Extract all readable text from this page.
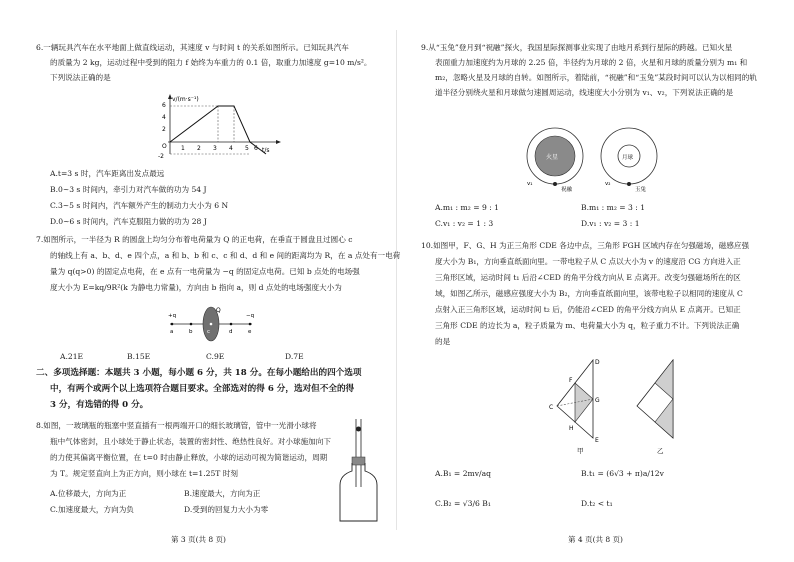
6.一辆玩具汽车在水平地面上做直线运动，其速度 v 与时间 t 的关系如图所示。已知玩具汽车
的质量为 2 kg，运动过程中受到的阻力 f 始终为车重力的 0.1 倍，取重力加速度 g=10 m/s²。
下列说法正确的是
v/(m·s⁻¹)
t/s
6
4
2
O
-2
1 2 3 4 5 6
A.t=3 s 时，汽车距离出发点最远
B.0~3 s 时间内，牵引力对汽车做的功为 54 J
C.3~5 s 时间内，汽车额外产生的制动力大小为 6 N
D.0~6 s 时间内，汽车克服阻力做的功为 28 J
7.如图所示，一半径为 R 的圆盘上均匀分布着电荷量为 Q 的正电荷，在垂直于圆盘且过圆心 c
的轴线上有 a、b、d、e 四个点，a 和 b、b 和 c、c 和 d、d 和 e 间的距离均为 R，在 a 点处有一电荷
量为 q(q>0) 的固定点电荷，在 e 点有一电荷量为 −q 的固定点电荷。已知 b 点处的电场强
度大小为 E=kq/9R²(k 为静电力常量)，方向由 b 指向 a，则 d 点处的电场强度大小为
Q
+q	−q
a	b	c	d	e
A.21E	B.15E	C.9E	D.7E
二、多项选择题：本题共 3 小题，每小题 6 分，共 18 分。在每小题给出的四个选项
中，有两个或两个以上选项符合题目要求。全部选对的得 6 分，选对但不全的得
3 分，有选错的得 0 分。
8.如图，一玻璃瓶的瓶塞中竖直插有一根两端开口的细长玻璃管，管中一光滑小球将
瓶中气体密封，且小球处于静止状态，装置的密封性、绝热性良好。对小球施加向下
的力使其偏离平衡位置，在 t=0 时由静止释放，小球的运动可视为简谐运动，周期
为 T。规定竖直向上为正方向，则小球在 t=1.25T 时刻
A.位移最大，方向为正	B.速度最大，方向为正
C.加速度最大，方向为负	D.受到的回复力大小为零
第 3 页(共 8 页)
9.从“玉兔”登月到“祝融”探火，我国星际探测事业实现了由地月系到行星际的跨越。已知火星
表面重力加速度约为月球的 2.25 倍，半径约为月球的 2 倍，火星和月球的质量分别为 m₁ 和
m₂，忽略火星及月球的自转。如图所示，着陆前，“祝融”和“玉兔”某段时间可以认为以相同的轨
道半径分别绕火星和月球做匀速圆周运动，线速度大小分别为 v₁、v₂，下列说法正确的是
火星
v₁
祝融
月球
v₂
玉兔
A.m₁ : m₂ = 9 : 1	B.m₁ : m₂ = 3 : 1
C.v₁ : v₂ = 1 : 3	D.v₁ : v₂ = 3 : 1
10.如图甲，F、G、H 为正三角形 CDE 各边中点，三角形 FGH 区域内存在匀强磁场，磁感应强
度大小为 B₁，方向垂直纸面向里。一带电粒子从 C 点以大小为 v 的速度沿 CG 方向进入正
三角形区域，运动时间 t₁ 后沿∠CED 的角平分线方向从 E 点离开。改变匀强磁场所在的区
域，如图乙所示，磁感应强度大小为 B₂，方向垂直纸面向里，该带电粒子以相同的速度从 C
点射入正三角形区域，运动时间 t₂ 后，仍能沿∠CED 的角平分线方向从 E 点离开。已知正
三角形 CDE 的边长为 a，粒子质量为 m、电荷量大小为 q，粒子重力不计。下列说法正确
的是
C
D
E
F
G
H
甲	乙
A.B₁ = 2mv/aq	B.t₁ = (6√3 + π)a/12v
C.B₂ = √3/6 B₁	D.t₂ < t₁
第 4 页(共 8 页)
